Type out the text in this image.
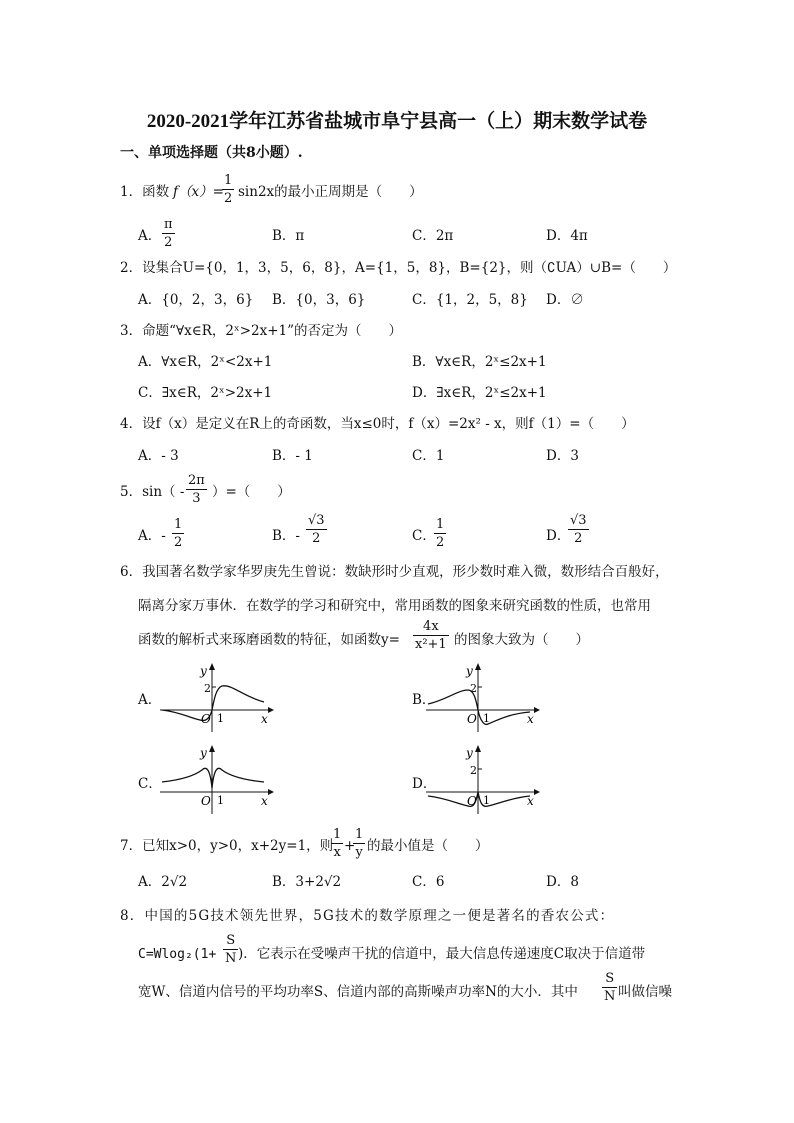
2020-2021学年江苏省盐城市阜宁县高一（上）期末数学试卷
一、单项选择题（共8小题）.
1．函数 f（x）=
1
2 sin2x的最小正周期是（　　）
A．
π
2	B．π	C．2π	D．4π
2．设集合U={0，1，3，5，6，8}，A={1，5，8}，B={2}，则（∁UA）∪B=（　　）
A．{0，2，3，6} B．{0，3，6}	C．{1，2，5，8} D．∅
3．命题“∀x∈R，2ˣ>2x+1”的否定为（　　）
A．∀x∈R，2ˣ<2x+1	B．∀x∈R，2ˣ≤2x+1
C．∃x∈R，2ˣ>2x+1	D．∃x∈R，2ˣ≤2x+1
4．设f（x）是定义在R上的奇函数，当x≤0时，f（x）=2x² - x，则f（1）=（　　）
A．- 3	B．- 1	C．1	D．3
5．sin（ -
2π
3 ）=（　　）
A．-
1
2	B．-
√3
2	C．
1
2	D．
√3
2
6．我国著名数学家华罗庚先生曾说：数缺形时少直观，形少数时难入微，数形结合百般好，
隔离分家万事休．在数学的学习和研究中，常用函数的图象来研究函数的性质，也常用
函数的解析式来琢磨函数的特征，如函数y=
4x
x²+1 的图象大致为（　　）
A．	B．
C．	D．
y
2
O 1	x
y
2
O 1	x
y
O 1	x
y
2
O 1	x
7．已知x>0，y>0，x+2y=1，则
1
x +
1
y 的最小值是（　　）
A．2√2	B．3+2√2	C．6	D．8
8．中国的5G技术领先世界，5G技术的数学原理之一便是著名的香农公式：
C=Wlog₂(1+
S
N )．它表示在受噪声干扰的信道中，最大信息传递速度C取决于信道带
宽W、信道内信号的平均功率S、信道内部的高斯噪声功率N的大小．其中
S
N 叫做信噪
